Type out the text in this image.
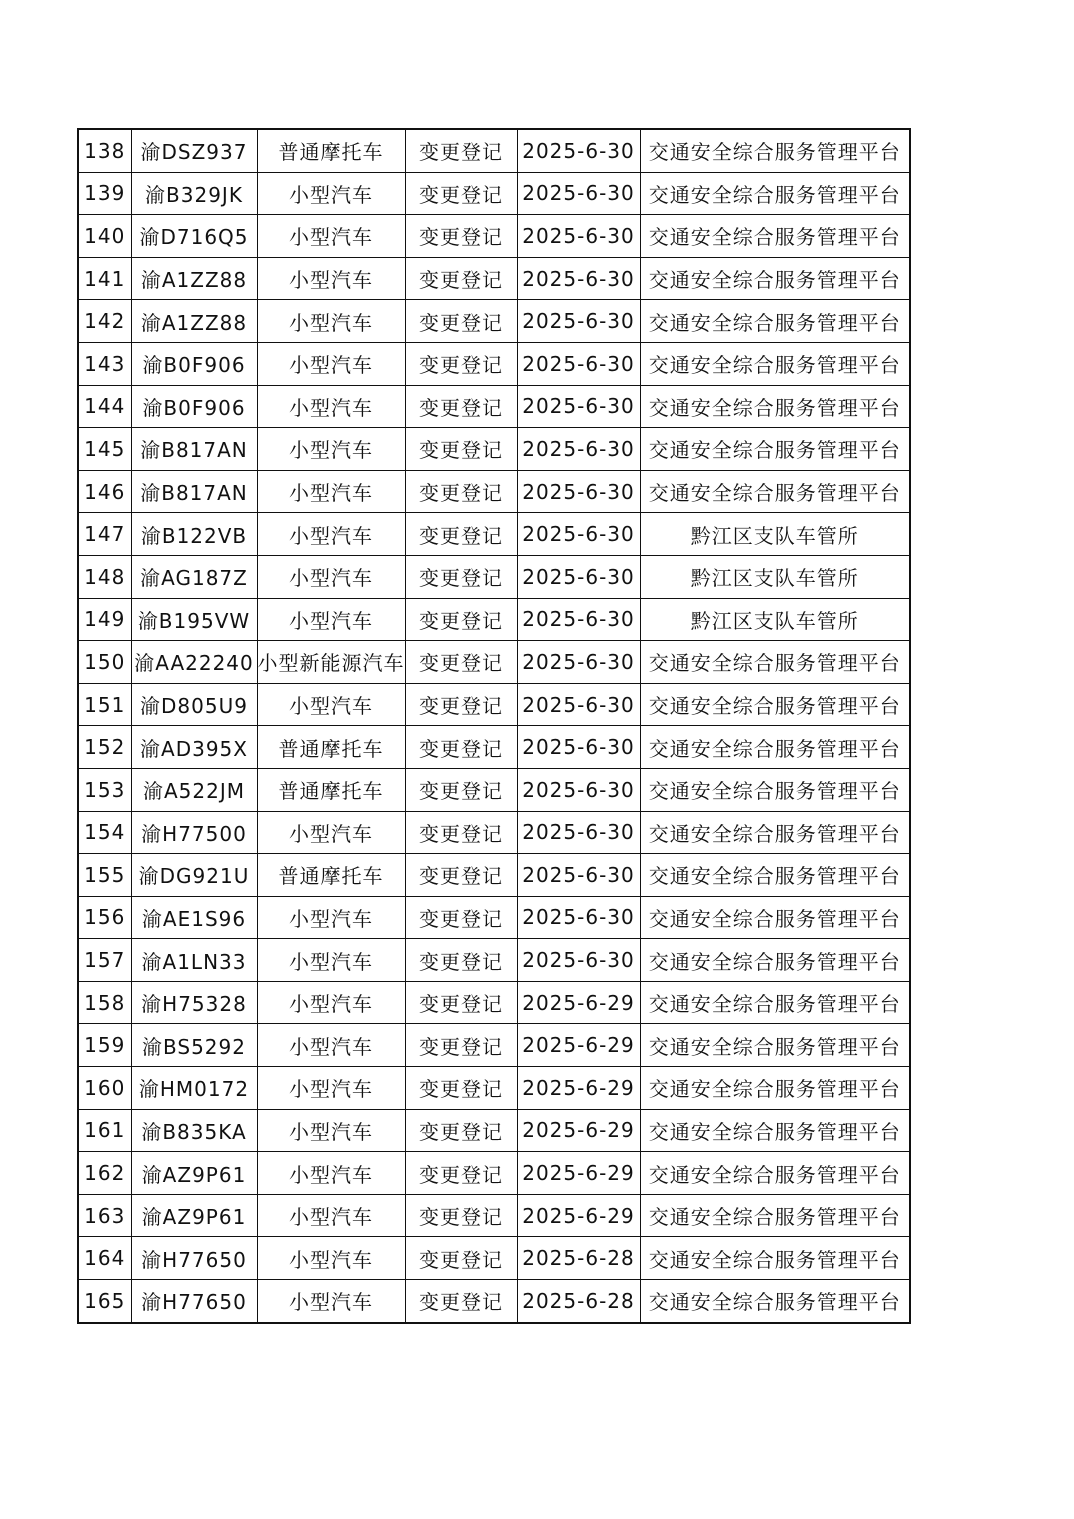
138	渝DSZ937	普通摩托车	变更登记	2025-6-30	交通安全综合服务管理平台
139	渝B329JK	小型汽车	变更登记	2025-6-30	交通安全综合服务管理平台
140	渝D716Q5	小型汽车	变更登记	2025-6-30	交通安全综合服务管理平台
141	渝A1ZZ88	小型汽车	变更登记	2025-6-30	交通安全综合服务管理平台
142	渝A1ZZ88	小型汽车	变更登记	2025-6-30	交通安全综合服务管理平台
143	渝B0F906	小型汽车	变更登记	2025-6-30	交通安全综合服务管理平台
144	渝B0F906	小型汽车	变更登记	2025-6-30	交通安全综合服务管理平台
145	渝B817AN	小型汽车	变更登记	2025-6-30	交通安全综合服务管理平台
146	渝B817AN	小型汽车	变更登记	2025-6-30	交通安全综合服务管理平台
147	渝B122VB	小型汽车	变更登记	2025-6-30	黔江区支队车管所
148	渝AG187Z	小型汽车	变更登记	2025-6-30	黔江区支队车管所
149	渝B195VW	小型汽车	变更登记	2025-6-30	黔江区支队车管所
150	渝AA22240	小型新能源汽车	变更登记	2025-6-30	交通安全综合服务管理平台
151	渝D805U9	小型汽车	变更登记	2025-6-30	交通安全综合服务管理平台
152	渝AD395X	普通摩托车	变更登记	2025-6-30	交通安全综合服务管理平台
153	渝A522JM	普通摩托车	变更登记	2025-6-30	交通安全综合服务管理平台
154	渝H77500	小型汽车	变更登记	2025-6-30	交通安全综合服务管理平台
155	渝DG921U	普通摩托车	变更登记	2025-6-30	交通安全综合服务管理平台
156	渝AE1S96	小型汽车	变更登记	2025-6-30	交通安全综合服务管理平台
157	渝A1LN33	小型汽车	变更登记	2025-6-30	交通安全综合服务管理平台
158	渝H75328	小型汽车	变更登记	2025-6-29	交通安全综合服务管理平台
159	渝BS5292	小型汽车	变更登记	2025-6-29	交通安全综合服务管理平台
160	渝HM0172	小型汽车	变更登记	2025-6-29	交通安全综合服务管理平台
161	渝B835KA	小型汽车	变更登记	2025-6-29	交通安全综合服务管理平台
162	渝AZ9P61	小型汽车	变更登记	2025-6-29	交通安全综合服务管理平台
163	渝AZ9P61	小型汽车	变更登记	2025-6-29	交通安全综合服务管理平台
164	渝H77650	小型汽车	变更登记	2025-6-28	交通安全综合服务管理平台
165	渝H77650	小型汽车	变更登记	2025-6-28	交通安全综合服务管理平台
